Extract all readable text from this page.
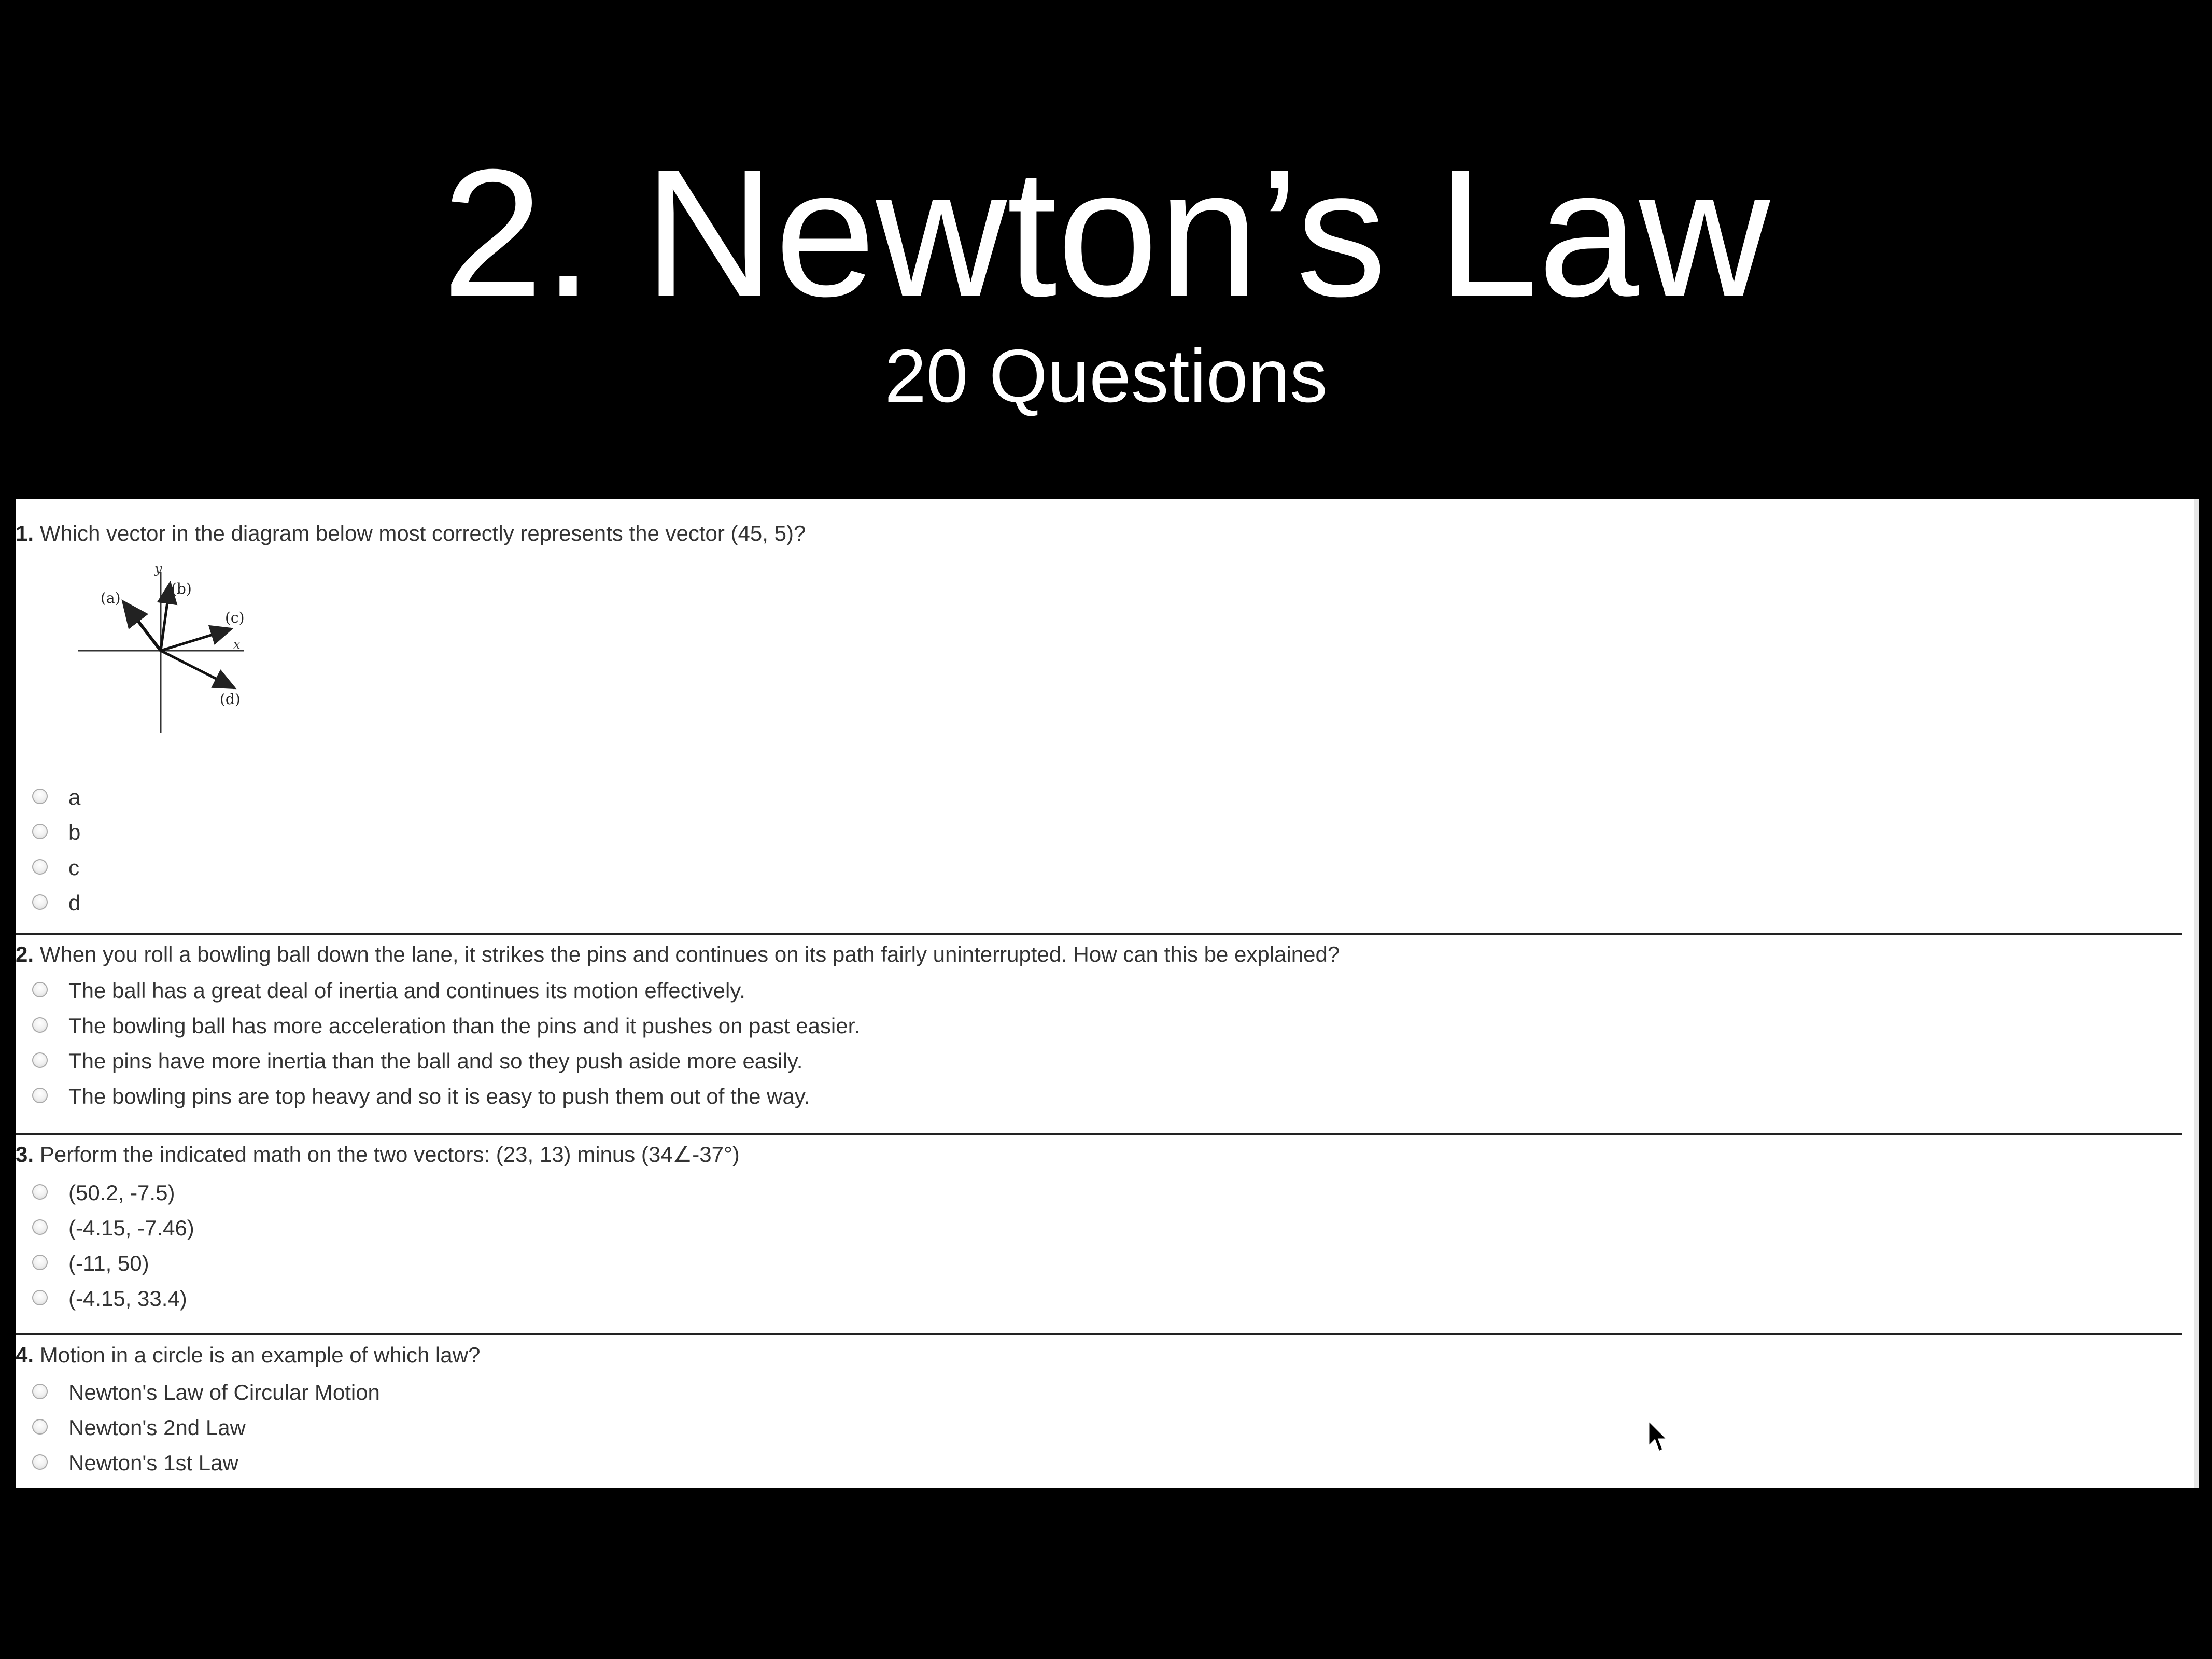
2. Newton’s Law
20 Questions
1. Which vector in the diagram below most correctly represents the vector (45, 5)?
y
x
(a)
(b)
(c)
(d)
a
b
c
d
2. When you roll a bowling ball down the lane, it strikes the pins and continues on its path fairly uninterrupted. How can this be explained?
The ball has a great deal of inertia and continues its motion effectively.
The bowling ball has more acceleration than the pins and it pushes on past easier.
The pins have more inertia than the ball and so they push aside more easily.
The bowling pins are top heavy and so it is easy to push them out of the way.
3. Perform the indicated math on the two vectors: (23, 13) minus (34∠-37°)
(50.2, -7.5)
(-4.15, -7.46)
(-11, 50)
(-4.15, 33.4)
4. Motion in a circle is an example of which law?
Newton's Law of Circular Motion
Newton's 2nd Law
Newton's 1st Law
